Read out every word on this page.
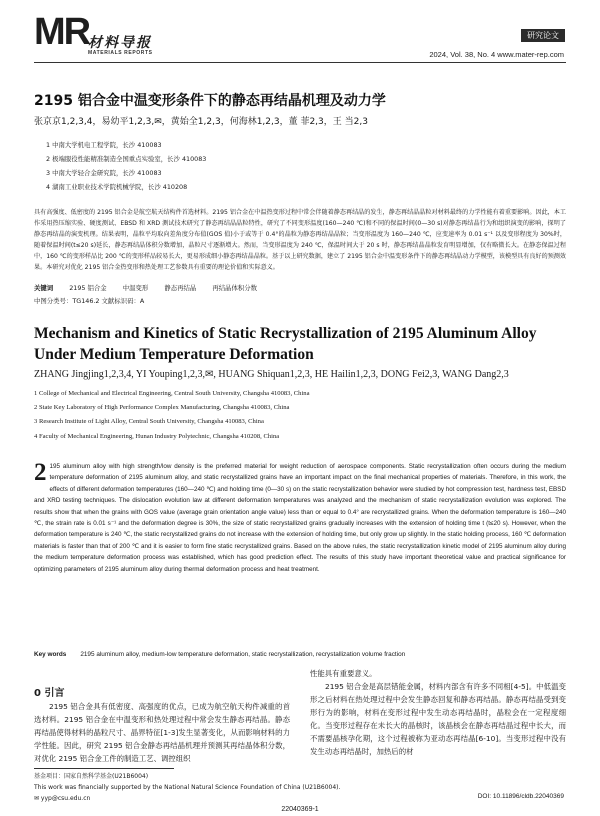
MR
材料导报
MATERIALS REPORTS
研究论文
2024, Vol. 38, No. 4 www.mater-rep.com
2195 铝合金中温变形条件下的静态再结晶机理及动力学
张京京1,2,3,4，易幼平1,2,3,✉，黄始全1,2,3，何海林1,2,3，董 菲2,3，王 当2,3
1 中南大学机电工程学院，长沙 410083
2 极端服役性能精准制造全国重点实验室，长沙 410083
3 中南大学轻合金研究院，长沙 410083
4 湖南工业职业技术学院机械学院，长沙 410208
具有高强度、低密度的 2195 铝合金是航空航天结构件首选材料。2195 铝合金在中温热变形过程中常会伴随着静态再结晶的发生，静态再结晶晶粒对材料最终的力学性能有着重要影响。因此，本工作采用热压缩实验、硬度测试、EBSD 和 XRD 测试技术研究了静态再结晶晶粒特性，研究了不同变形温度(160—240 ℃)和不同的保温时间(0—30 s)对静态再结晶行为和组织演变的影响，探明了静态再结晶的演变机理。结果表明，晶粒平均取向差角度分布值(GOS 值)小于或等于 0.4°的晶粒为静态再结晶晶粒；当变形温度为 160—240 ℃，应变速率为 0.01 s⁻¹ 以及变形程度为 30%时，随着保温时间(t≤20 s)延长，静态再结晶体积分数增加，晶粒尺寸逐渐增大。然而，当变形温度为 240 ℃，保温时间大于 20 s 时，静态再结晶晶粒发育明显增加，仅有略微长大。在静态保温过程中，160 ℃的变形样品比 200 ℃的变形样品较易长大，更易形成细小静态再结晶晶粒。基于以上研究数据，建立了 2195 铝合金中温变形条件下的静态再结晶动力学模型，该模型具有良好的预测效果。本研究对优化 2195 铝合金热变形和热处理工艺参数具有重要的理论价值和实际意义。
关键词	2195 铝合金	中温变形	静态再结晶	再结晶体积分数
中图分类号：TG146.2 文献标识码：A
Mechanism and Kinetics of Static Recrystallization of 2195 Aluminum Alloy Under Medium Temperature Deformation
ZHANG Jingjing1,2,3,4, YI Youping1,2,3,✉, HUANG Shiquan1,2,3, HE Hailin1,2,3, DONG Fei2,3, WANG Dang2,3
1 College of Mechanical and Electrical Engineering, Central South University, Changsha 410083, China
2 State Key Laboratory of High Performance Complex Manufacturing, Changsha 410083, China
3 Research Institute of Light Alloy, Central South University, Changsha 410083, China
4 Faculty of Mechanical Engineering, Hunan Industry Polytechnic, Changsha 410208, China
2 195 aluminum alloy with high strength/low density is the preferred material for weight reduction of aerospace components. Static recrystallization often occurs during the medium temperature deformation of 2195 aluminum alloy, and static recrystallized grains have an important impact on the final mechanical properties of materials. Therefore, in this work, the effects of different deformation temperatures (160—240 ℃) and holding time (0—30 s) on the static recrystallization behavior were studied by hot compression test, hardness test, EBSD and XRD testing techniques. The dislocation evolution law at different deformation temperatures was analyzed and the mechanism of static recrystallization evolution was explored. The results show that when the grains with GOS value (average grain orientation angle value) less than or equal to 0.4° are recrystallized grains. When the deformation temperature is 160—240 ℃, the strain rate is 0.01 s⁻¹ and the deformation degree is 30%, the size of static recrystallized grains gradually increases with the extension of holding time t (t≤20 s). However, when the deformation temperature is 240 ℃, the static recrystallized grains do not increase with the extension of holding time, but only grow up slightly. In the static holding process, 160 ℃ deformation materials is faster than that of 200 ℃ and it is easier to form fine static recrystallized grains. Based on the above rules, the static recrystallization kinetic model of 2195 aluminum alloy during the medium temperature deformation process was established, which has good prediction effect. The results of this study have important theoretical value and practical significance for optimizing parameters of 2195 aluminum alloy during thermal deformation process and heat treatment.
Key words 2195 aluminum alloy, medium-low temperature deformation, static recrystallization, recrystallization volume fraction
0 引言
2195 铝合金具有低密度、高强度的优点，已成为航空航天构件减重的首选材料。2195 铝合金在中温变形和热处理过程中常会发生静态再结晶。静态再结晶使得材料的晶粒尺寸、晶界特征[1-3]发生显著变化，从而影响材料的力学性能。因此，研究 2195 铝合金静态再结晶机理并预测其再结晶体积分数，对优化 2195 铝合金工件的制造工艺、调控组织

性能具有重要意义。

2195 铝合金是高层错能金属，材料内部含有许多不同相[4-5]。中低温变形之后材料在热处理过程中会发生静态回复和静态再结晶。静态再结晶受到变形行为的影响，材料在变形过程中发生动态再结晶时，晶粒会在一定程度细化。当变形过程存在未长大的晶核时，该晶核会在静态再结晶过程中长大，而不需要晶核孕化期，这个过程被称为亚动态再结晶[6-10]。当变形过程中没有发生动态再结晶时，加热后的材

基金项目：国家自然科学基金(U21B6004)
This work was financially supported by the National Natural Science Foundation of China (U21B6004).
✉ yyp@csu.edu.cn	DOI: 10.11896/cldb.22040369
22040369-1
